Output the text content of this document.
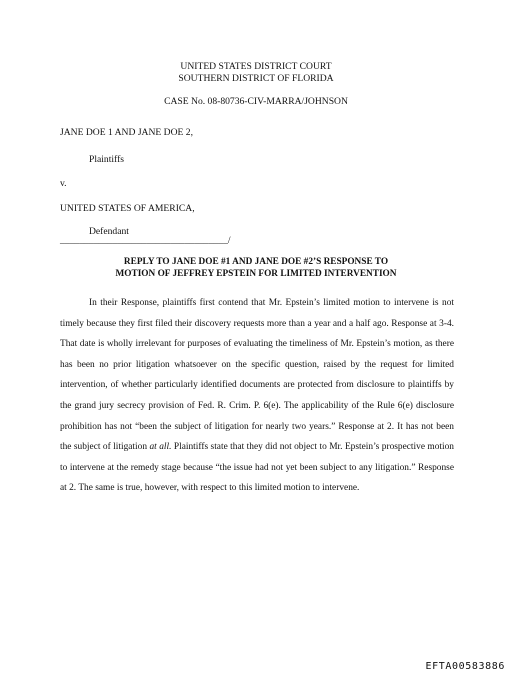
UNITED STATES DISTRICT COURT
SOUTHERN DISTRICT OF FLORIDA
CASE No. 08-80736-CIV-MARRA/JOHNSON
JANE DOE 1 AND JANE DOE 2,
Plaintiffs
v.
UNITED STATES OF AMERICA,
Defendant
___________________________________/
REPLY TO JANE DOE #1 AND JANE DOE #2’S RESPONSE TO
MOTION OF JEFFREY EPSTEIN FOR LIMITED INTERVENTION

In their Response, plaintiffs first contend that Mr. Epstein’s limited motion to intervene is not timely because they first filed their discovery requests more than a year and a half ago. Response at 3-4. That date is wholly irrelevant for purposes of evaluating the timeliness of Mr. Epstein’s motion, as there has been no prior litigation whatsoever on the specific question, raised by the request for limited intervention, of whether particularly identified documents are protected from disclosure to plaintiffs by the grand jury secrecy provision of Fed. R. Crim. P. 6(e). The applicability of the Rule 6(e) disclosure prohibition has not “been the subject of litigation for nearly two years.” Response at 2. It has not been the subject of litigation at all. Plaintiffs state that they did not object to Mr. Epstein’s prospective motion to intervene at the remedy stage because “the issue had not yet been subject to any litigation.” Response at 2. The same is true, however, with respect to this limited motion to intervene.

EFTA00583886
